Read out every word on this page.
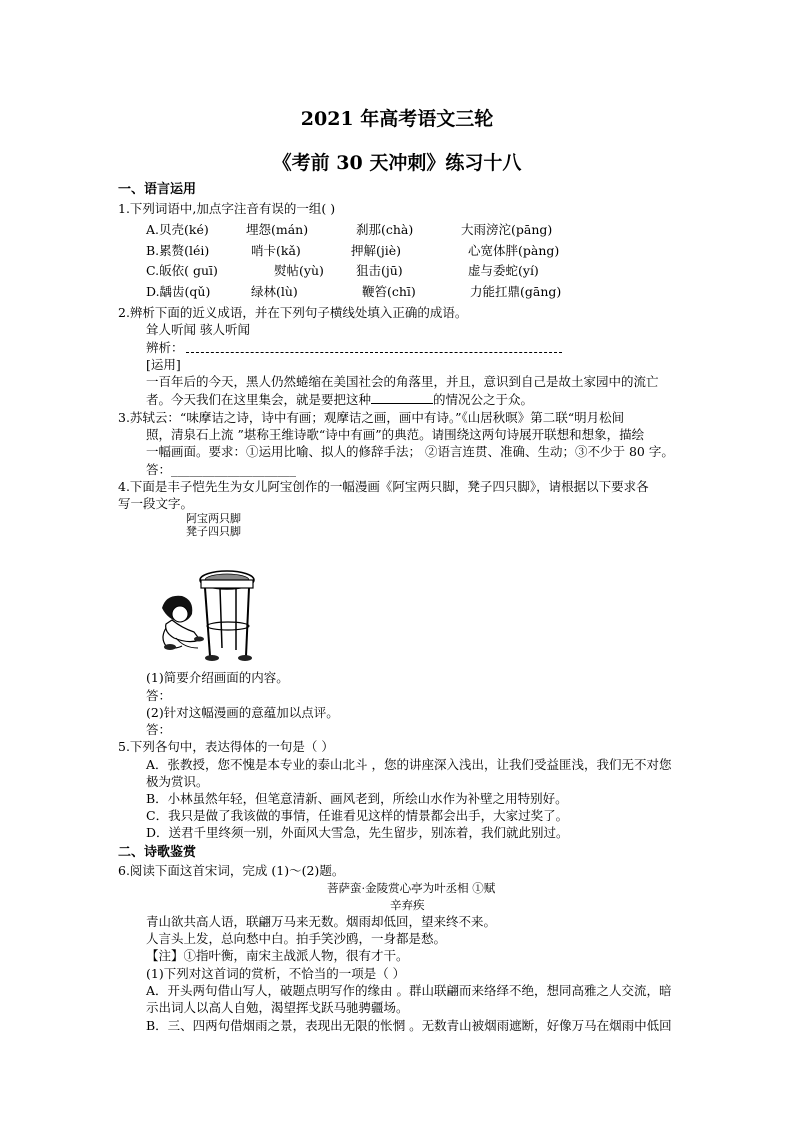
2021 年高考语文三轮
《考前 30 天冲刺》练习十八
一、语言运用
1.下列词语中,加点字注音有误的一组( )
A.贝壳(ké)	埋怨(mán)	刹那(chà)	大雨滂沱(pāng)
B.累赘(léi)	哨卡(kǎ)	押解(jiè)	心宽体胖(pàng)
C.皈依( guī)	熨帖(yù)	狙击(jū)	虚与委蛇(yí)
D.龋齿(qǔ)	绿林(lù)	鞭笞(chī)	力能扛鼎(gāng)
2.辨析下面的近义成语，并在下列句子横线处填入正确的成语。
耸人听闻 骇人听闻
辨析：
[运用]
一百年后的今天，黑人仍然蜷缩在美国社会的角落里，并且，意识到自己是故土家园中的流亡
者。今天我们在这里集会，就是要把这种	的情况公之于众。
3.苏轼云：“味摩诘之诗，诗中有画；观摩诘之画，画中有诗。”《山居秋暝》第二联“明月松间
照，清泉石上流 ”堪称王维诗歌“诗中有画”的典范。请围绕这两句诗展开联想和想象，描绘
一幅画面。要求：①运用比喻、拟人的修辞手法； ②语言连贯、准确、生动；③不少于 80 字。
答：____________________
4.下面是丰子恺先生为女儿阿宝创作的一幅漫画《阿宝两只脚，凳子四只脚》，请根据以下要求各
写一段文字。
阿宝两只脚 凳子四只脚
(1)简要介绍画面的内容。
答：
(2)针对这幅漫画的意蕴加以点评。
答：
5.下列各句中，表达得体的一句是（ ）
A．张教授，您不愧是本专业的泰山北斗 ，您的讲座深入浅出，让我们受益匪浅，我们无不对您
极为赏识。
B．小林虽然年轻，但笔意清新、画风老到，所绘山水作为补壁之用特别好。
C．我只是做了我该做的事情，任谁看见这样的情景都会出手，大家过奖了。
D．送君千里终须一别，外面风大雪急，先生留步，别冻着，我们就此别过。
二、诗歌鉴赏
6.阅读下面这首宋词，完成 (1)～(2)题。
菩萨蛮·金陵赏心亭为叶丞相 ①赋
辛弃疾
青山欲共高人语，联翩万马来无数。烟雨却低回，望来终不来。
人言头上发，总向愁中白。拍手笑沙鸥，一身都是愁。
【注】①指叶衡，南宋主战派人物，很有才干。
(1)下列对这首词的赏析，不恰当的一项是（ ）
A．开头两句借山写人，破题点明写作的缘由 。群山联翩而来络绎不绝，想同高雅之人交流，暗
示出词人以高人自勉，渴望挥戈跃马驰骋疆场。
B．三、四两句借烟雨之景，表现出无限的怅惘 。无数青山被烟雨遮断，好像万马在烟雨中低回
